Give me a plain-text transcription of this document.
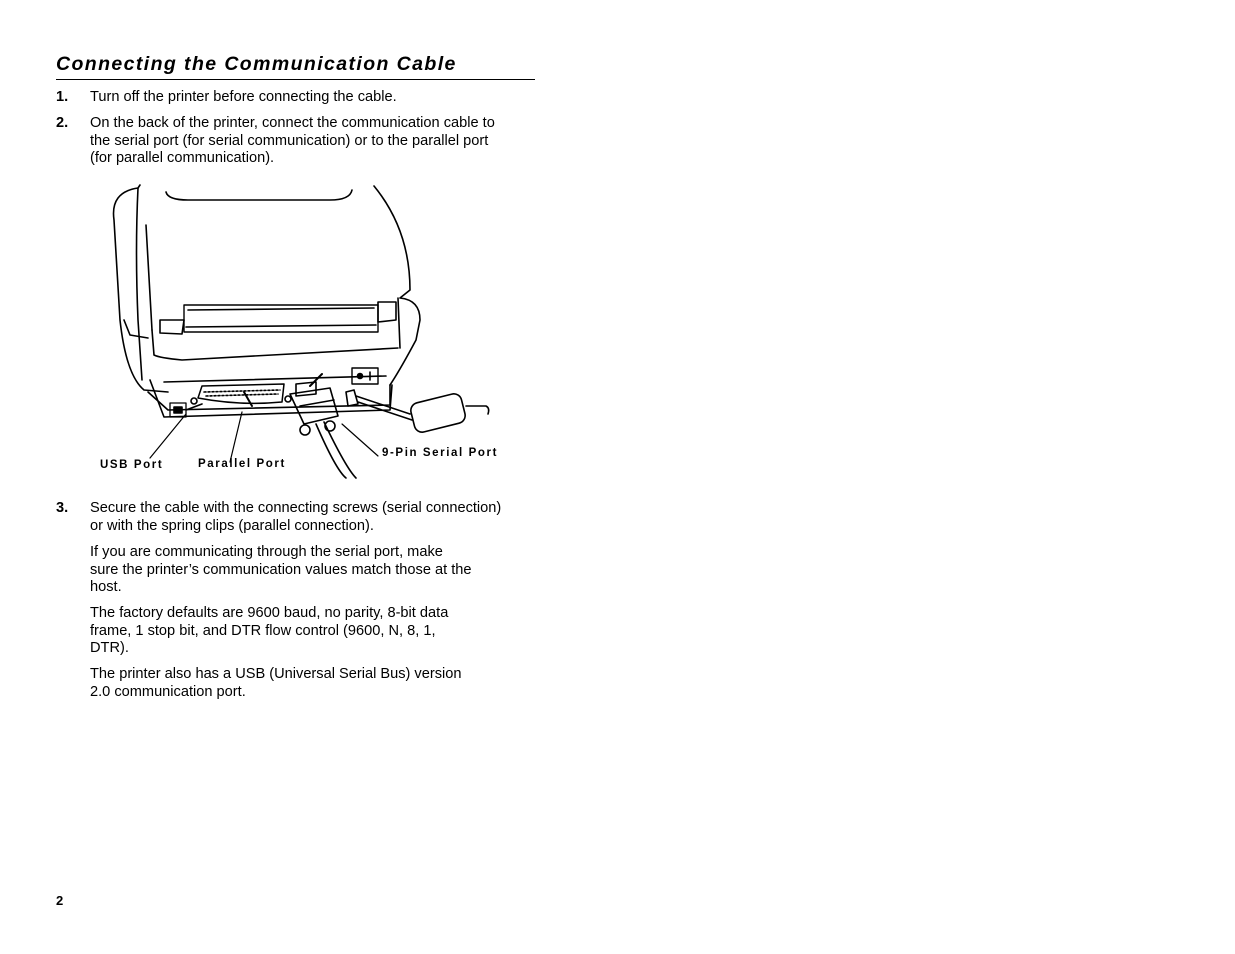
Connecting the Communication Cable
1. Turn off the printer before connecting the cable.
2. On the back of the printer, connect the communication cable to
the serial port (for serial communication) or to the parallel port
(for parallel communication).
USB Port	Parallel Port
9-Pin Serial Port
3. Secure the cable with the connecting screws (serial connection)
or with the spring clips (parallel connection).
If you are communicating through the serial port, make
sure the printer’s communication values match those at the
host.
The factory defaults are 9600 baud, no parity, 8-bit data
frame, 1 stop bit, and DTR flow control (9600, N, 8, 1,
DTR).
The printer also has a USB (Universal Serial Bus) version
2.0 communication port.
2
